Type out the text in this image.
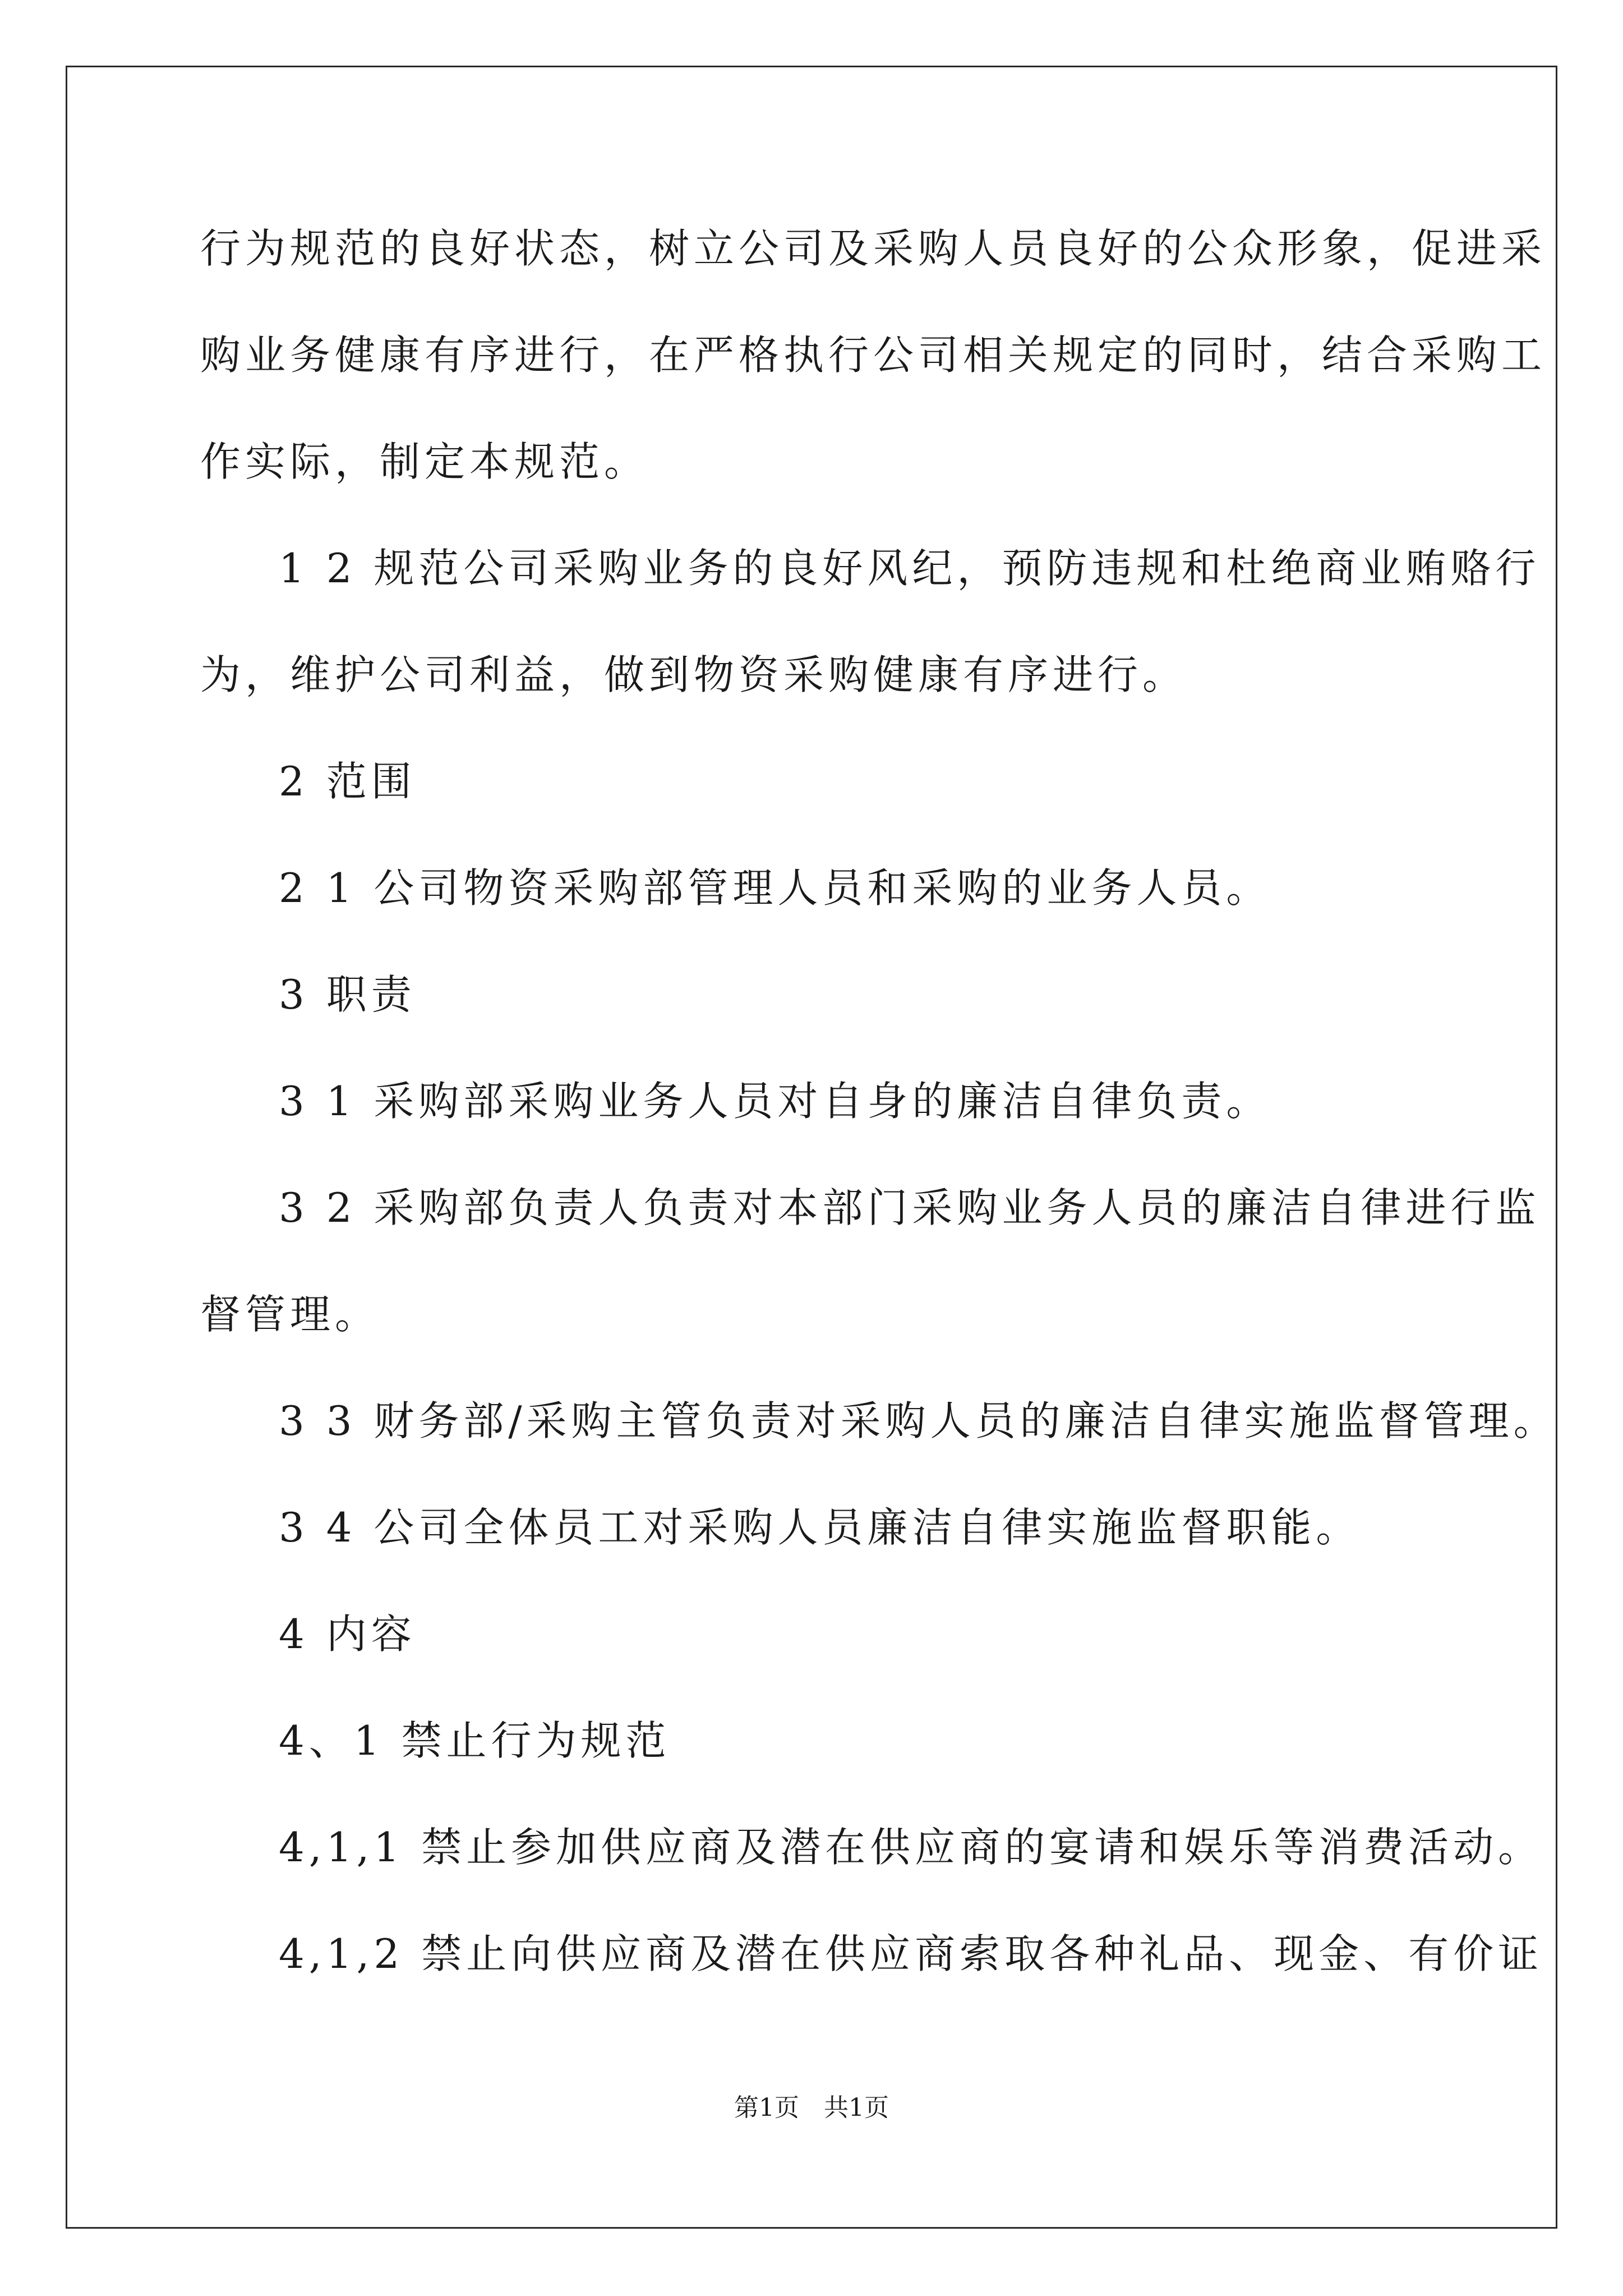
行为规范的良好状态，树立公司及采购人员良好的公众形象，促进采
购业务健康有序进行，在严格执行公司相关规定的同时，结合采购工
作实际，制定本规范。
1 2 规范公司采购业务的良好风纪，预防违规和杜绝商业贿赂行
为，维护公司利益，做到物资采购健康有序进行。
2 范围
2 1 公司物资采购部管理人员和采购的业务人员。
3 职责
3 1 采购部采购业务人员对自身的廉洁自律负责。
3 2 采购部负责人负责对本部门采购业务人员的廉洁自律进行监
督管理。
3 3 财务部/采购主管负责对采购人员的廉洁自律实施监督管理。
3 4 公司全体员工对采购人员廉洁自律实施监督职能。
4 内容
4、1 禁止行为规范
4,1,1 禁止参加供应商及潜在供应商的宴请和娱乐等消费活动。
4,1,2 禁止向供应商及潜在供应商索取各种礼品、现金、有价证
第1页　共1页
